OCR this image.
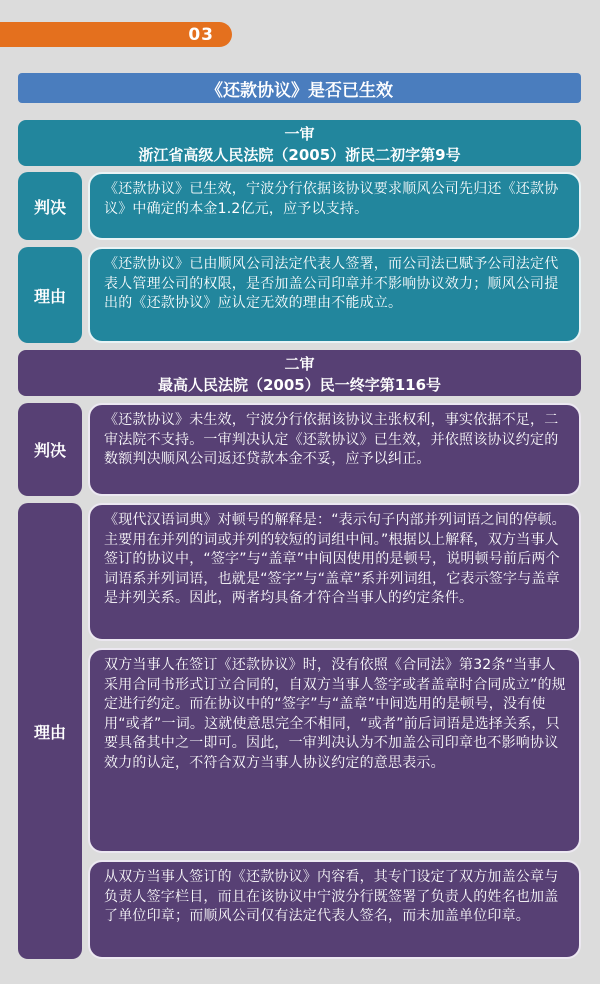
03
《还款协议》是否已生效
一审
浙江省高级人民法院（2005）浙民二初字第9号
判决
《还款协议》已生效，宁波分行依据该协议要求顺风公司先归还《还款协议》中确定的本金1.2亿元，应予以支持。
理由
《还款协议》已由顺风公司法定代表人签署，而公司法已赋予公司法定代表人管理公司的权限，是否加盖公司印章并不影响协议效力；顺风公司提出的《还款协议》应认定无效的理由不能成立。
二审
最高人民法院（2005）民一终字第116号
判决
《还款协议》未生效，宁波分行依据该协议主张权利，事实依据不足，二审法院不支持。一审判决认定《还款协议》已生效，并依照该协议约定的数额判决顺风公司返还贷款本金不妥，应予以纠正。
理由
《现代汉语词典》对顿号的解释是：“表示句子内部并列词语之间的停顿。主要用在并列的词或并列的较短的词组中间。”根据以上解释，双方当事人签订的协议中，“签字”与“盖章”中间因使用的是顿号，说明顿号前后两个词语系并列词语，也就是“签字”与“盖章”系并列词组，它表示签字与盖章是并列关系。因此，两者均具备才符合当事人的约定条件。
双方当事人在签订《还款协议》时，没有依照《合同法》第32条“当事人采用合同书形式订立合同的，自双方当事人签字或者盖章时合同成立”的规定进行约定。而在协议中的“签字”与“盖章”中间选用的是顿号，没有使用“或者”一词。这就使意思完全不相同，“或者”前后词语是选择关系，只要具备其中之一即可。因此，一审判决认为不加盖公司印章也不影响协议效力的认定，不符合双方当事人协议约定的意思表示。
从双方当事人签订的《还款协议》内容看，其专门设定了双方加盖公章与负责人签字栏目，而且在该协议中宁波分行既签署了负责人的姓名也加盖了单位印章；而顺风公司仅有法定代表人签名，而未加盖单位印章。
